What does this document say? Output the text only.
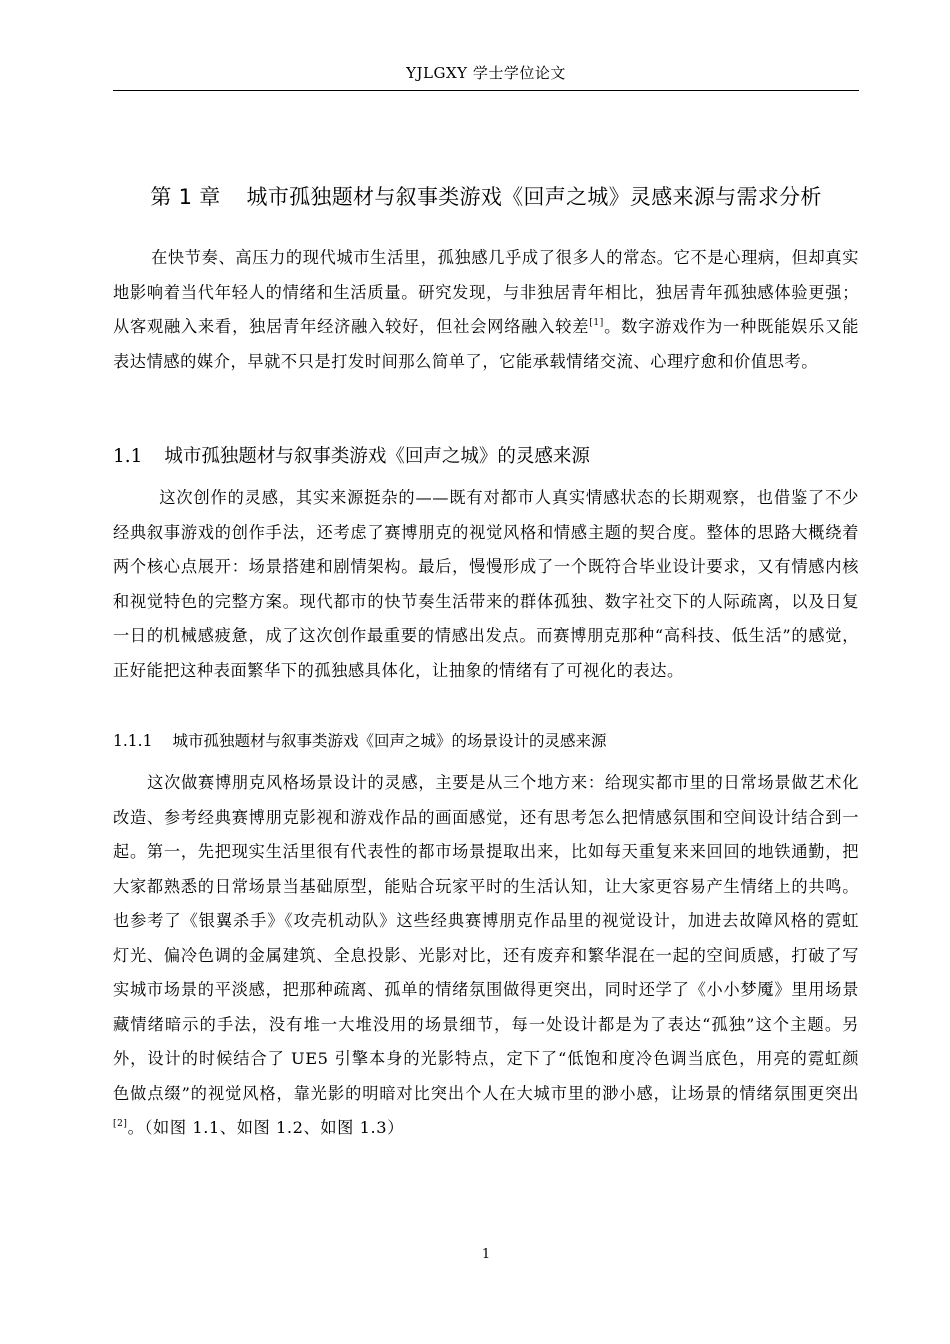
YJLGXY 学士学位论文
第 1 章 城市孤独题材与叙事类游戏《回声之城》灵感来源与需求分析

在快节奏、高压力的现代城市生活里，孤独感几乎成了很多人的常态。它不是心理病，但却真实地影响着当代年轻人的情绪和生活质量。研究发现，与非独居青年相比，独居青年孤独感体验更强；从客观融入来看，独居青年经济融入较好，但社会网络融入较差[1]。数字游戏作为一种既能娱乐又能表达情感的媒介，早就不只是打发时间那么简单了，它能承载情绪交流、心理疗愈和价值思考。

1.1 城市孤独题材与叙事类游戏《回声之城》的灵感来源

这次创作的灵感，其实来源挺杂的——既有对都市人真实情感状态的长期观察，也借鉴了不少经典叙事游戏的创作手法，还考虑了赛博朋克的视觉风格和情感主题的契合度。整体的思路大概绕着两个核心点展开：场景搭建和剧情架构。最后，慢慢形成了一个既符合毕业设计要求，又有情感内核和视觉特色的完整方案。现代都市的快节奏生活带来的群体孤独、数字社交下的人际疏离，以及日复一日的机械感疲惫，成了这次创作最重要的情感出发点。而赛博朋克那种“高科技、低生活”的感觉，正好能把这种表面繁华下的孤独感具体化，让抽象的情绪有了可视化的表达。

1.1.1 城市孤独题材与叙事类游戏《回声之城》的场景设计的灵感来源

这次做赛博朋克风格场景设计的灵感，主要是从三个地方来：给现实都市里的日常场景做艺术化改造、参考经典赛博朋克影视和游戏作品的画面感觉，还有思考怎么把情感氛围和空间设计结合到一起。第一，先把现实生活里很有代表性的都市场景提取出来，比如每天重复来来回回的地铁通勤，把大家都熟悉的日常场景当基础原型，能贴合玩家平时的生活认知，让大家更容易产生情绪上的共鸣。也参考了《银翼杀手》《攻壳机动队》这些经典赛博朋克作品里的视觉设计，加进去故障风格的霓虹灯光、偏冷色调的金属建筑、全息投影、光影对比，还有废弃和繁华混在一起的空间质感，打破了写实城市场景的平淡感，把那种疏离、孤单的情绪氛围做得更突出，同时还学了《小小梦魇》里用场景藏情绪暗示的手法，没有堆一大堆没用的场景细节，每一处设计都是为了表达“孤独”这个主题。另外，设计的时候结合了 UE5 引擎本身的光影特点，定下了“低饱和度冷色调当底色，用亮的霓虹颜色做点缀”的视觉风格，靠光影的明暗对比突出个人在大城市里的渺小感，让场景的情绪氛围更突出[2]。（如图 1.1、如图 1.2、如图 1.3）

1
